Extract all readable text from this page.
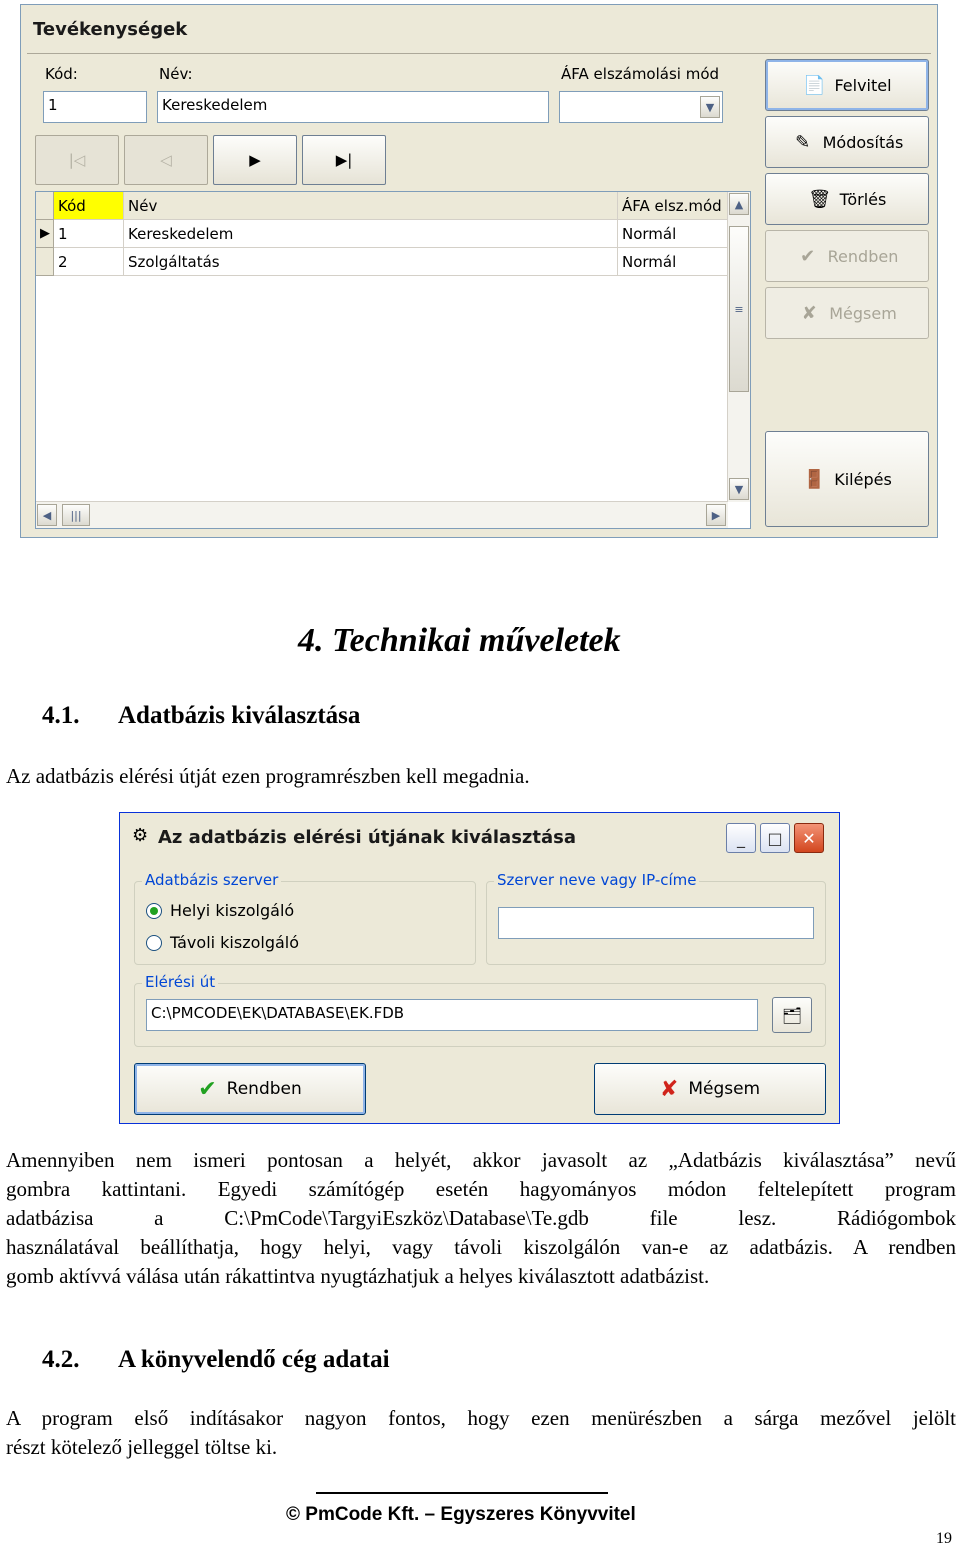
Tevékenységek
Kód:
1
Név:
Kereskedelem
ÁFA elszámolási mód
▼
|◁	◁	▶	▶|
Kód	Név	ÁFA elsz.mód
▶ 1	Kereskedelem	Normál
2	Szolgáltatás	Normál
▲
≡
▼
◀	|||	▶
📄 Felvitel
✎ Módosítás
🗑 Törlés
✔ Rendben
✘ Mégsem
🚪 Kilépés
4. Technikai műveletek
4.1. Adatbázis kiválasztása
Az adatbázis elérési útját ezen programrészben kell megadnia.
⚙ Az adatbázis elérési útjának kiválasztása	_	□	✕
Adatbázis szerver
Helyi kiszolgáló
Távoli kiszolgáló
Szerver neve vagy IP-címe
Elérési út
C:\PMCODE\EK\DATABASE\EK.FDB	🗂
✔ Rendben	✘ Mégsem
Amennyiben nem ismeri pontosan a helyét, akkor javasolt az „Adatbázis kiválasztása” nevű
gombra kattintani. Egyedi számítógép esetén hagyományos módon feltelepített program
adatbázisa a C:\PmCode\TargyiEszköz\Database\Te.gdb file lesz. Rádiógombok
használatával beállíthatja, hogy helyi, vagy távoli kiszolgálón van-e az adatbázis. A rendben
gomb aktívvá válása után rákattintva nyugtázhatjuk a helyes kiválasztott adatbázist.
4.2. A könyvelendő cég adatai
A program első indításakor nagyon fontos, hogy ezen menürészben a sárga mezővel jelölt
részt kötelező jelleggel töltse ki.
© PmCode Kft. – Egyszeres Könyvvitel
19
